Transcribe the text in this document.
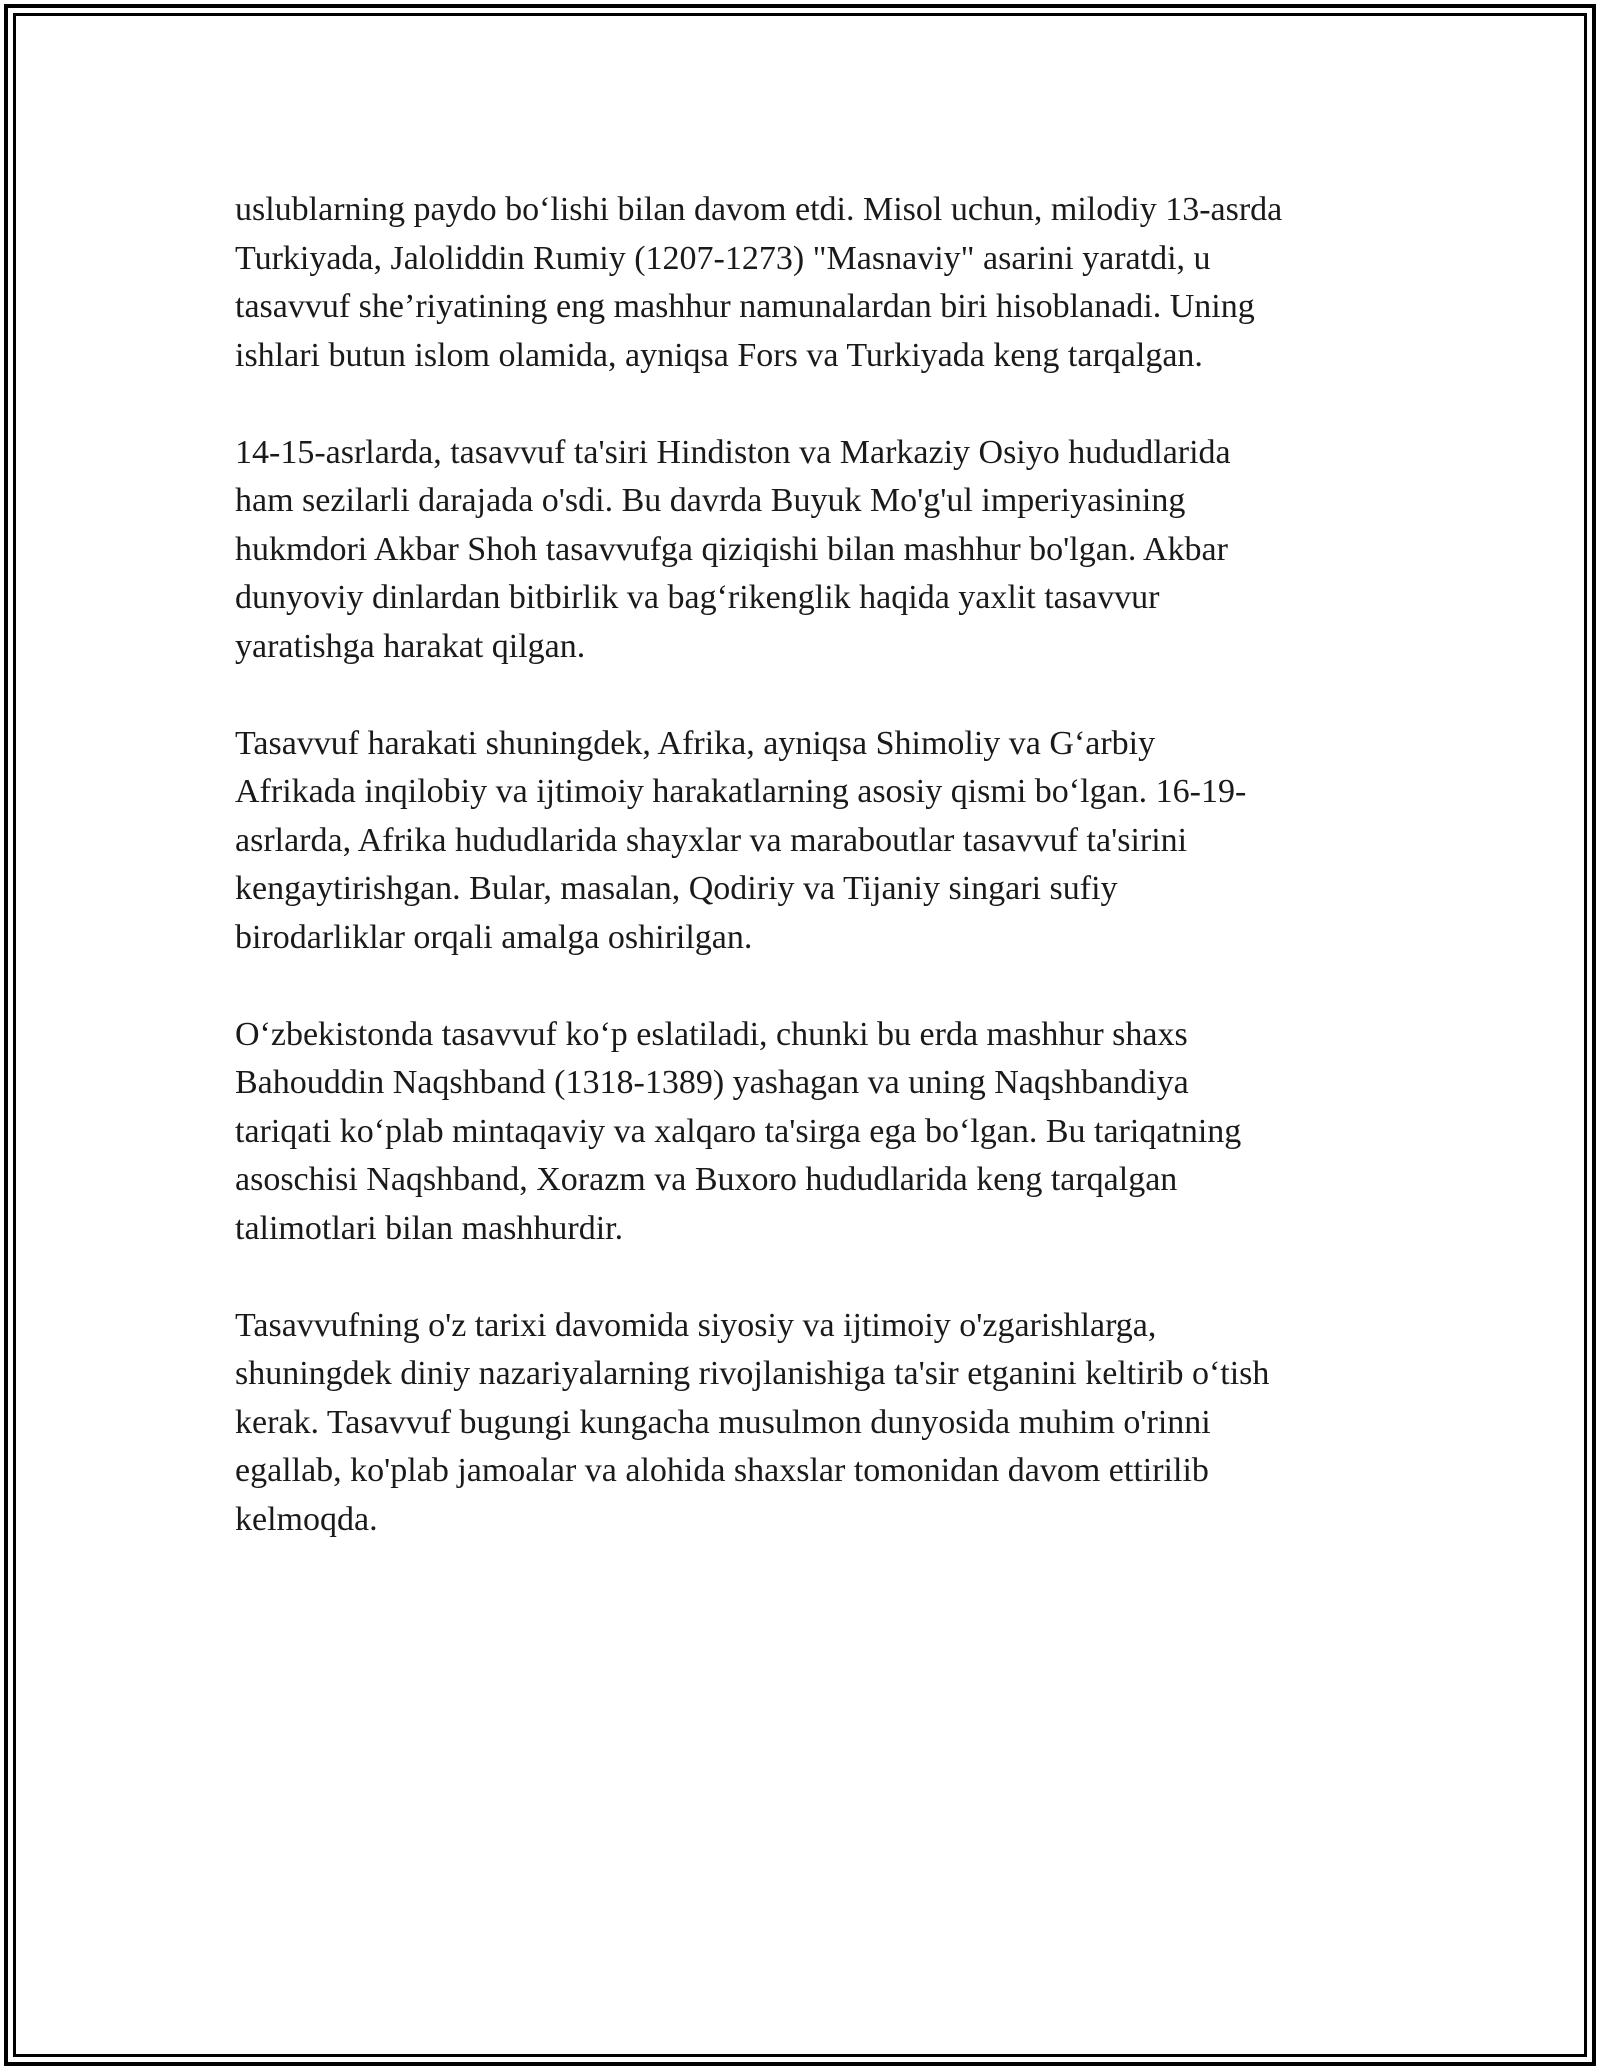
uslublarning paydo bo‘lishi bilan davom etdi. Misol uchun, milodiy 13-asrda
Turkiyada, Jaloliddin Rumiy (1207-1273) "Masnaviy" asarini yaratdi, u
tasavvuf she’riyatining eng mashhur namunalardan biri hisoblanadi. Uning
ishlari butun islom olamida, ayniqsa Fors va Turkiyada keng tarqalgan.

14-15-asrlarda, tasavvuf ta'siri Hindiston va Markaziy Osiyo hududlarida
ham sezilarli darajada o'sdi. Bu davrda Buyuk Mo'g'ul imperiyasining
hukmdori Akbar Shoh tasavvufga qiziqishi bilan mashhur bo'lgan. Akbar
dunyoviy dinlardan bitbirlik va bag‘rikenglik haqida yaxlit tasavvur
yaratishga harakat qilgan.

Tasavvuf harakati shuningdek, Afrika, ayniqsa Shimoliy va G‘arbiy
Afrikada inqilobiy va ijtimoiy harakatlarning asosiy qismi bo‘lgan. 16-19-
asrlarda, Afrika hududlarida shayxlar va maraboutlar tasavvuf ta'sirini
kengaytirishgan. Bular, masalan, Qodiriy va Tijaniy singari sufiy
birodarliklar orqali amalga oshirilgan.

O‘zbekistonda tasavvuf ko‘p eslatiladi, chunki bu erda mashhur shaxs
Bahouddin Naqshband (1318-1389) yashagan va uning Naqshbandiya
tariqati ko‘plab mintaqaviy va xalqaro ta'sirga ega bo‘lgan. Bu tariqatning
asoschisi Naqshband, Xorazm va Buxoro hududlarida keng tarqalgan
talimotlari bilan mashhurdir.

Tasavvufning o'z tarixi davomida siyosiy va ijtimoiy o'zgarishlarga,
shuningdek diniy nazariyalarning rivojlanishiga ta'sir etganini keltirib o‘tish
kerak. Tasavvuf bugungi kungacha musulmon dunyosida muhim o'rinni
egallab, ko'plab jamoalar va alohida shaxslar tomonidan davom ettirilib
kelmoqda.
